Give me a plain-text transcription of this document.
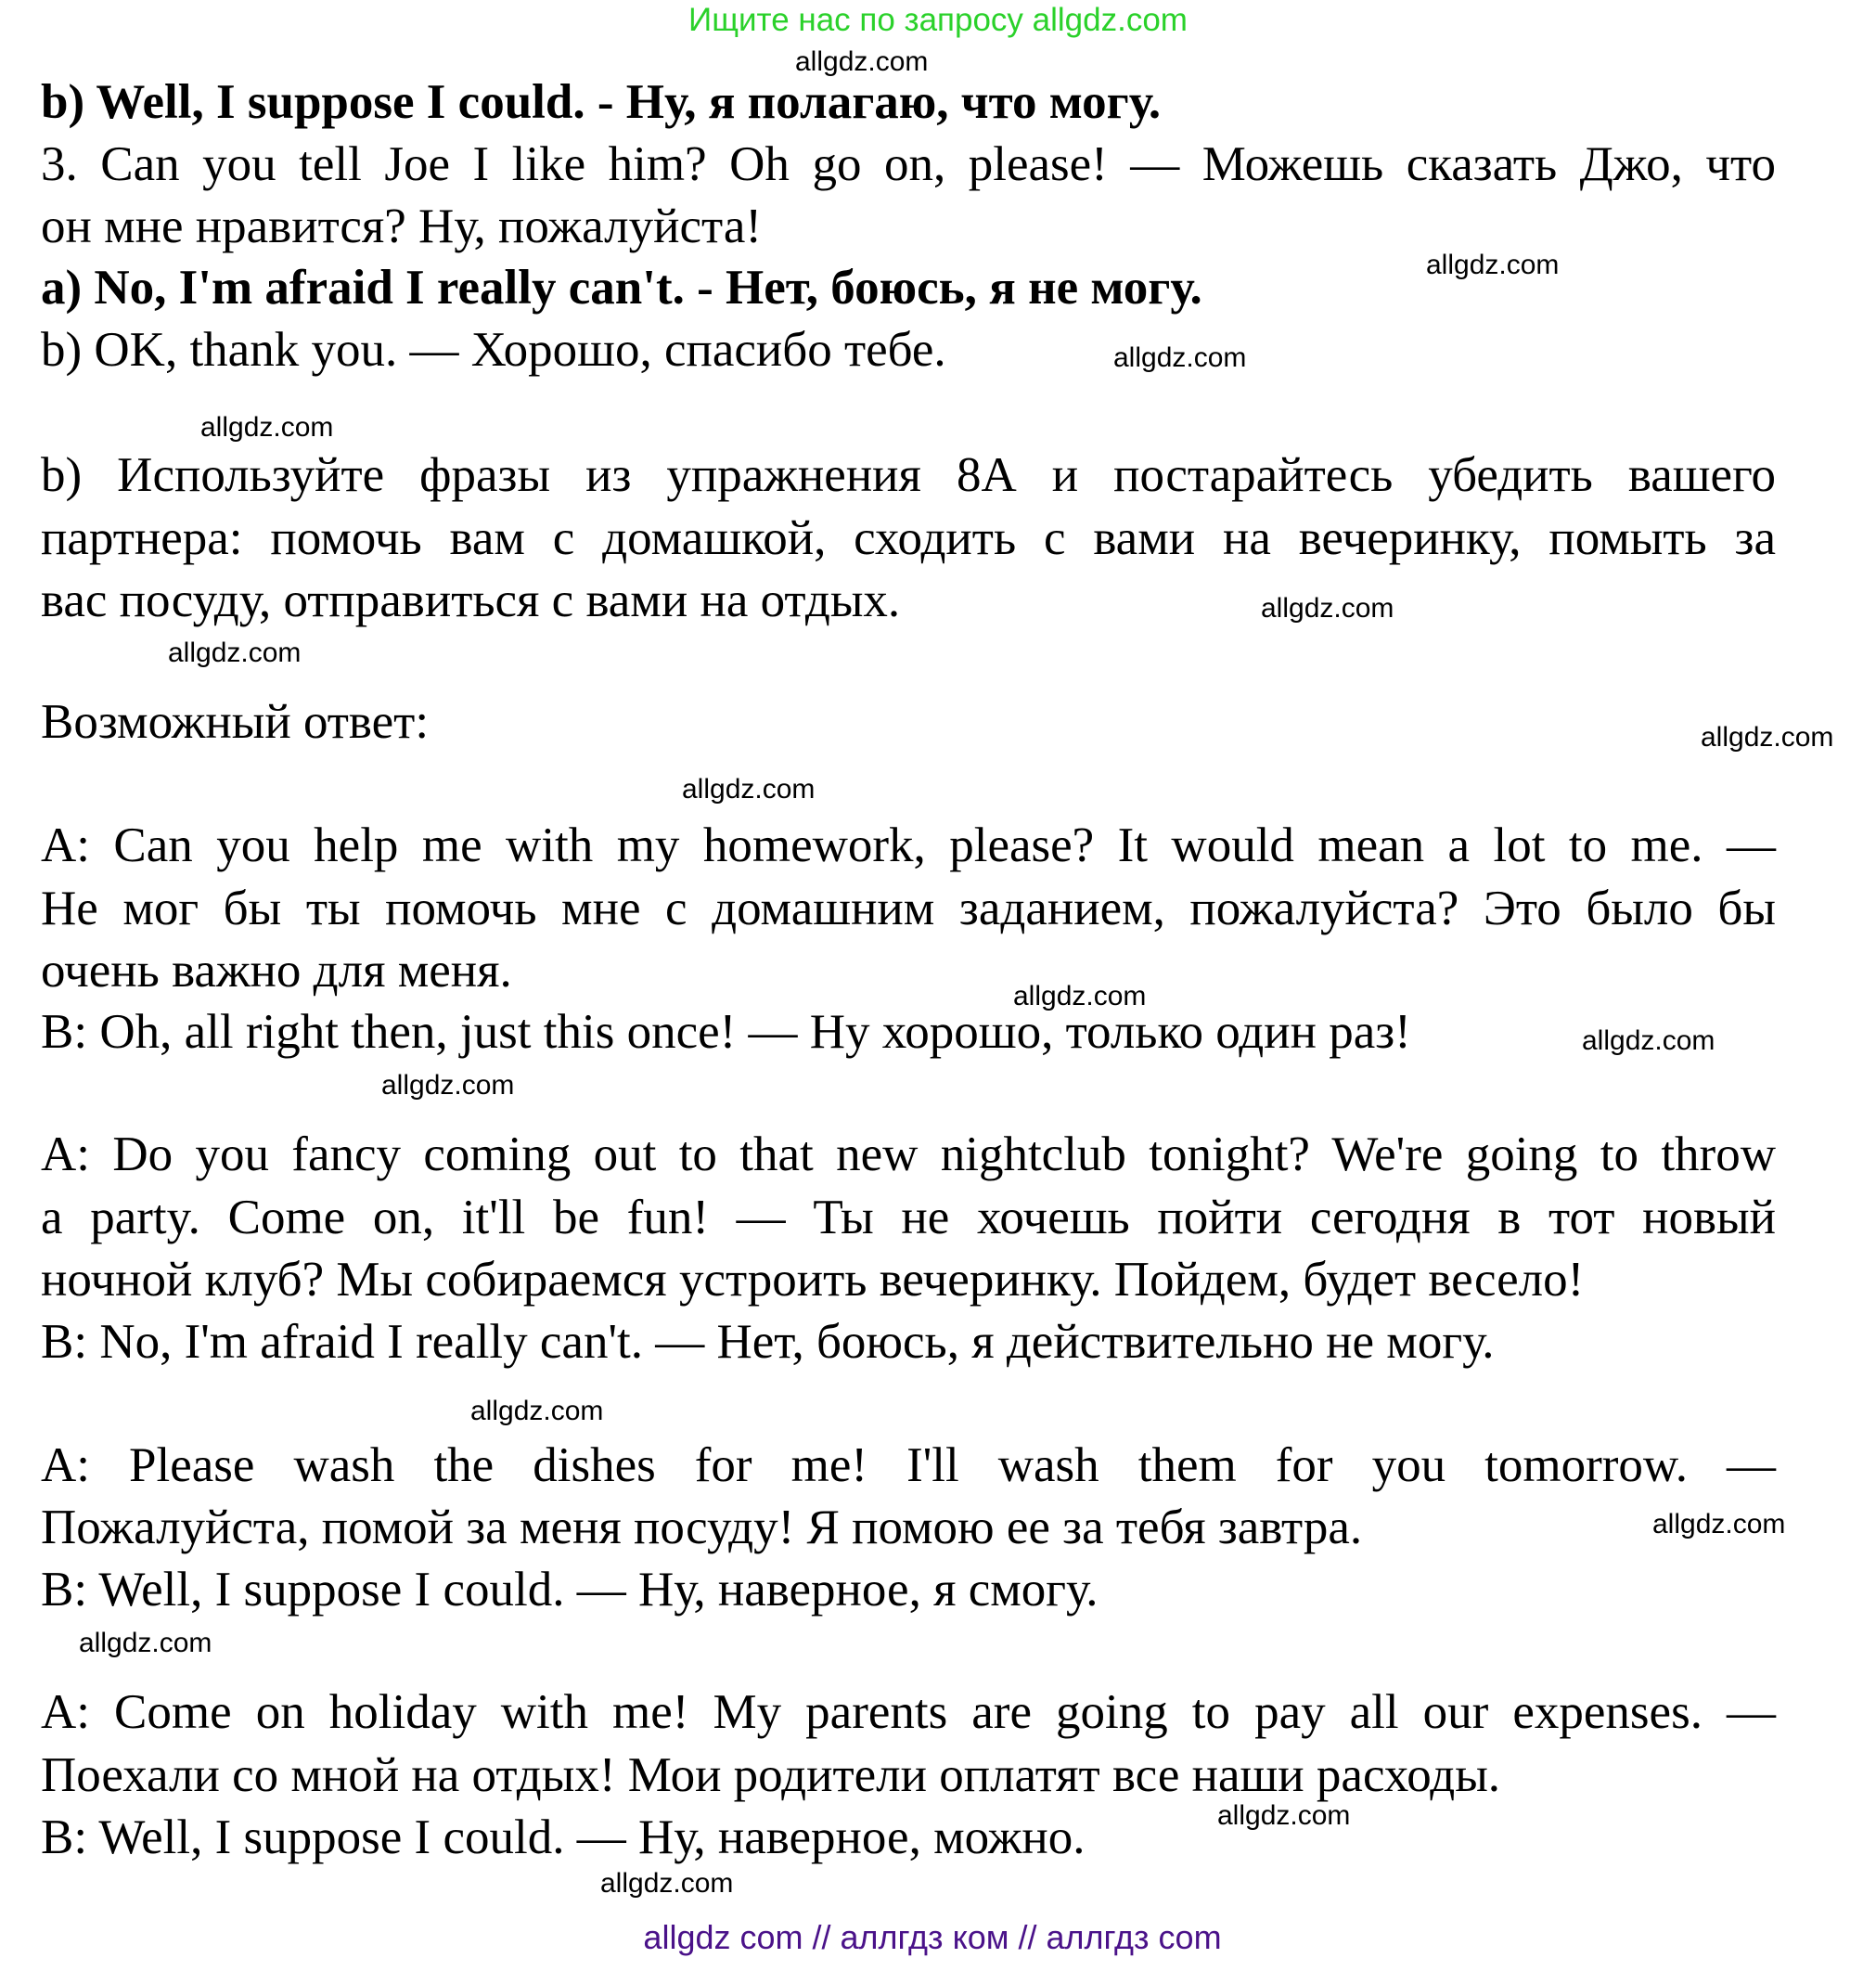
Ищите нас по запросу allgdz.com
b) Well, I suppose I could. - Ну, я полагаю, что могу.
3. Can you tell Joe I like him? Oh go on, please! — Можешь сказать Джо, что
он мне нравится? Ну, пожалуйста!
a) No, I'm afraid I really can't. - Нет, боюсь, я не могу.
b) OK, thank you. — Хорошо, спасибо тебе.
b) Используйте фразы из упражнения 8А и постарайтесь убедить вашего
партнера: помочь вам с домашкой, сходить с вами на вечеринку, помыть за
вас посуду, отправиться с вами на отдых.
Возможный ответ:
A: Can you help me with my homework, please? It would mean a lot to me. —
Не мог бы ты помочь мне с домашним заданием, пожалуйста? Это было бы
очень важно для меня.
B: Oh, all right then, just this once! — Ну хорошо, только один раз!
A: Do you fancy coming out to that new nightclub tonight? We're going to throw
a party. Come on, it'll be fun! — Ты не хочешь пойти сегодня в тот новый
ночной клуб? Мы собираемся устроить вечеринку. Пойдем, будет весело!
B: No, I'm afraid I really can't. — Нет, боюсь, я действительно не могу.
A: Please wash the dishes for me! I'll wash them for you tomorrow. —
Пожалуйста, помой за меня посуду! Я помою ее за тебя завтра.
B: Well, I suppose I could. — Ну, наверное, я смогу.
A: Come on holiday with me! My parents are going to pay all our expenses. —
Поехали со мной на отдых! Мои родители оплатят все наши расходы.
B: Well, I suppose I could. — Ну, наверное, можно.
allgdz.com
allgdz.com
allgdz.com
allgdz.com
allgdz.com
allgdz.com
allgdz.com
allgdz.com
allgdz.com
allgdz.com
allgdz.com
allgdz.com
allgdz.com
allgdz.com
allgdz.com
allgdz.com
allgdz com // аллгдз ком // аллгдз com
